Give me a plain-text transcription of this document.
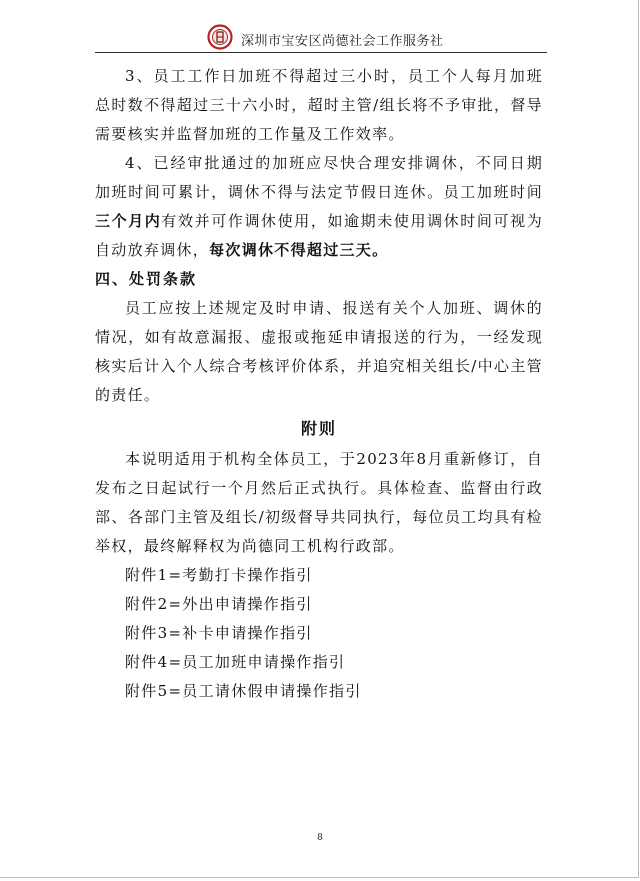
深圳市宝安区尚德社会工作服务社

3、员工工作日加班不得超过三小时，员工个人每月加班总时数不得超过三十六小时，超时主管/组长将不予审批，督导需要核实并监督加班的工作量及工作效率。

4、已经审批通过的加班应尽快合理安排调休，不同日期加班时间可累计，调休不得与法定节假日连休。员工加班时间三个月内有效并可作调休使用，如逾期未使用调休时间可视为自动放弃调休，每次调休不得超过三天。

四、处罚条款

员工应按上述规定及时申请、报送有关个人加班、调休的情况，如有故意漏报、虚报或拖延申请报送的行为，一经发现核实后计入个人综合考核评价体系，并追究相关组长/中心主管的责任。

附则

本说明适用于机构全体员工，于2023年8月重新修订，自发布之日起试行一个月然后正式执行。具体检查、监督由行政部、各部门主管及组长/初级督导共同执行，每位员工均具有检举权，最终解释权为尚德同工机构行政部。

附件1=考勤打卡操作指引

附件2=外出申请操作指引

附件3=补卡申请操作指引

附件4=员工加班申请操作指引

附件5=员工请休假申请操作指引

8
